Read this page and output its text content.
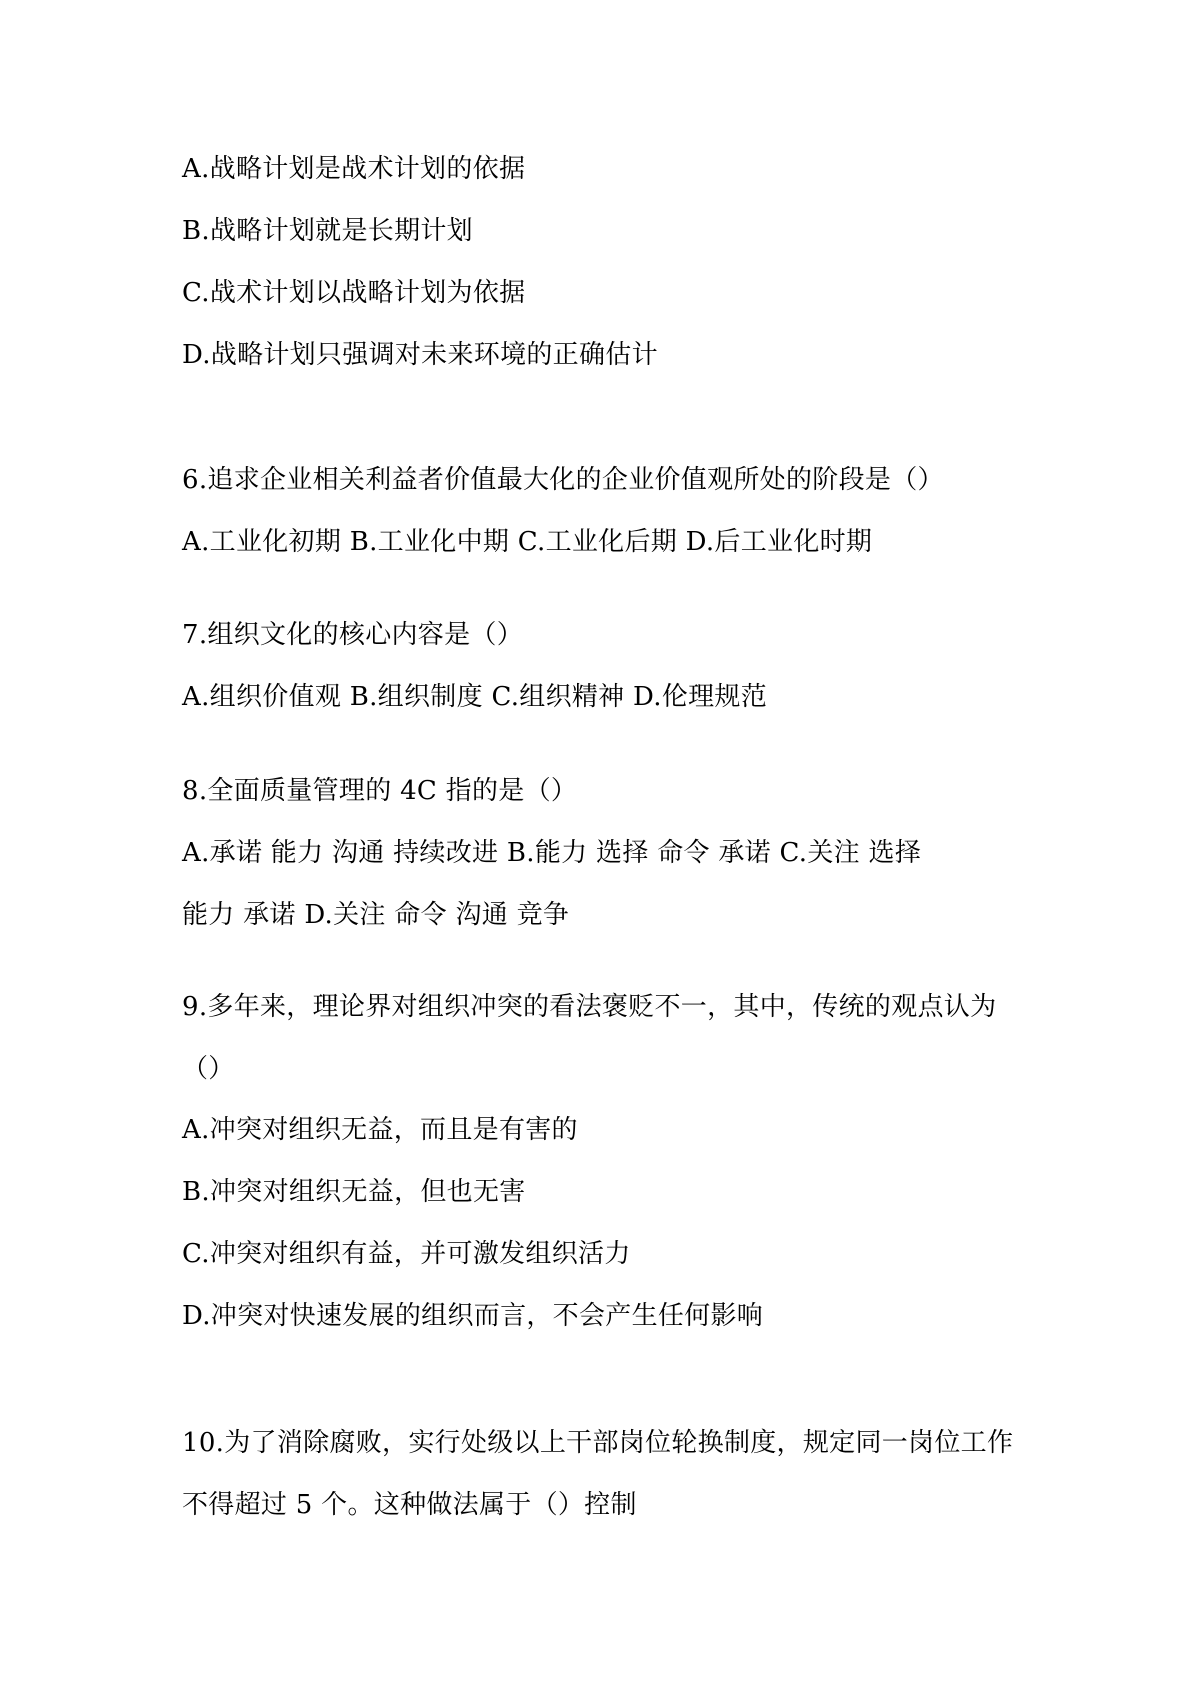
A.战略计划是战术计划的依据
B.战略计划就是长期计划
C.战术计划以战略计划为依据
D.战略计划只强调对未来环境的正确估计
6.追求企业相关利益者价值最大化的企业价值观所处的阶段是（）
A.工业化初期 B.工业化中期 C.工业化后期 D.后工业化时期
7.组织文化的核心内容是（）
A.组织价值观 B.组织制度 C.组织精神 D.伦理规范
8.全面质量管理的 4C 指的是（）
A.承诺 能力 沟通 持续改进 B.能力 选择 命令 承诺 C.关注 选择
能力 承诺 D.关注 命令 沟通 竞争
9.多年来，理论界对组织冲突的看法褒贬不一，其中，传统的观点认为
（）
A.冲突对组织无益，而且是有害的
B.冲突对组织无益，但也无害
C.冲突对组织有益，并可激发组织活力
D.冲突对快速发展的组织而言，不会产生任何影响
10.为了消除腐败，实行处级以上干部岗位轮换制度，规定同一岗位工作
不得超过 5 个。这种做法属于（）控制
